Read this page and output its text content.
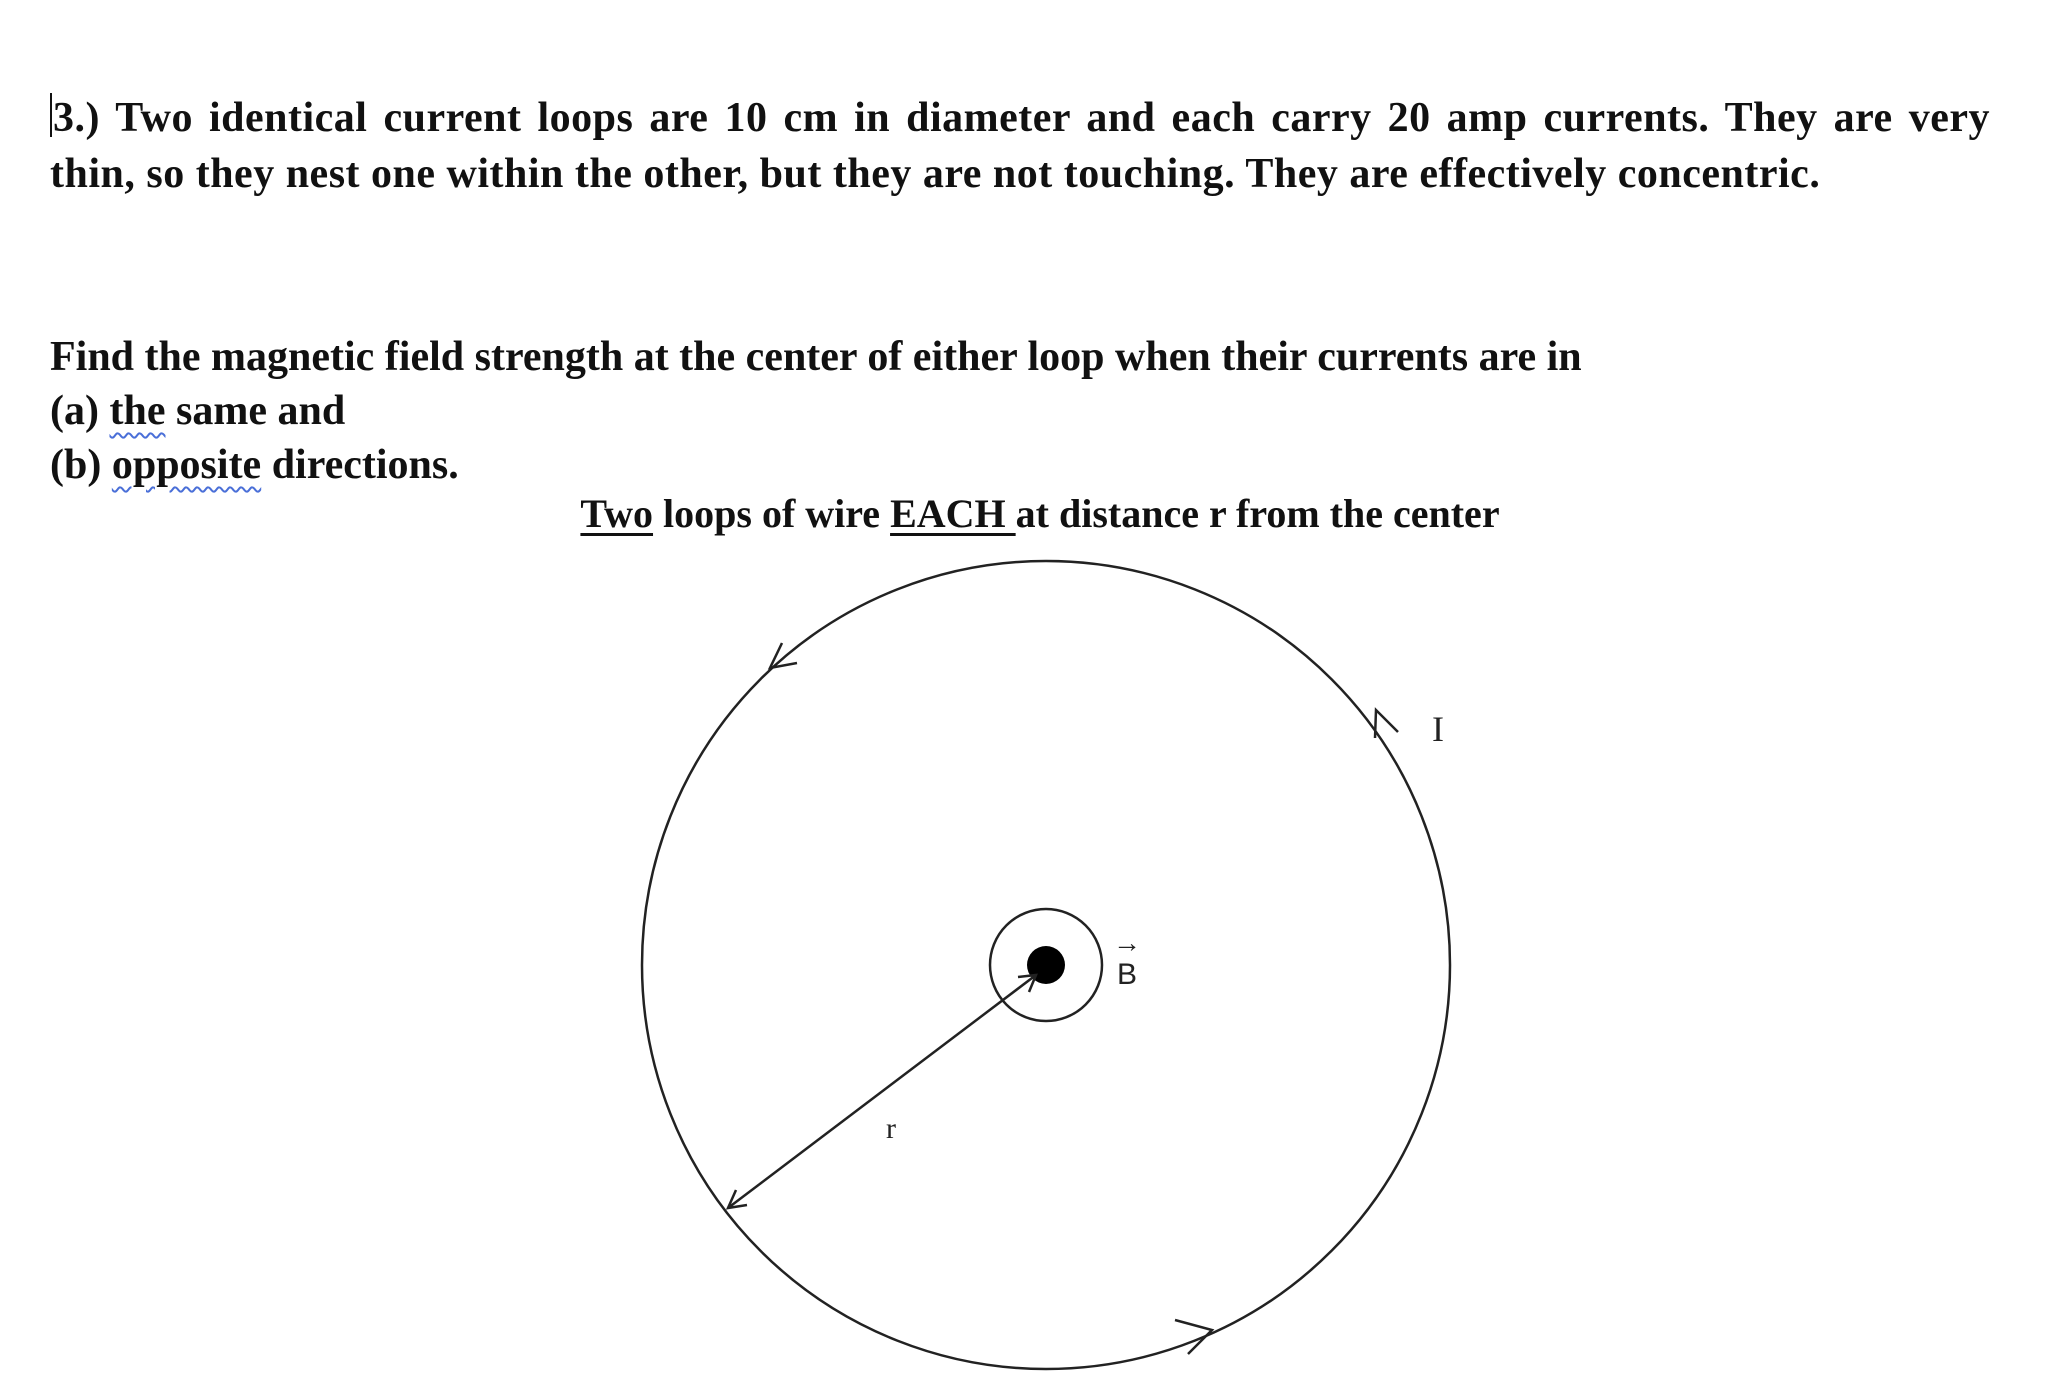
3.) Two identical current loops are 10 cm in diameter and each carry 20 amp currents. They are very thin, so they nest one within the other, but they are not touching. They are effectively concentric.
Find the magnetic field strength at the center of either loop when their currents are in
(a) the same and
(b) opposite directions.
Two loops of wire EACH at distance r from the center
I
B
→
r
